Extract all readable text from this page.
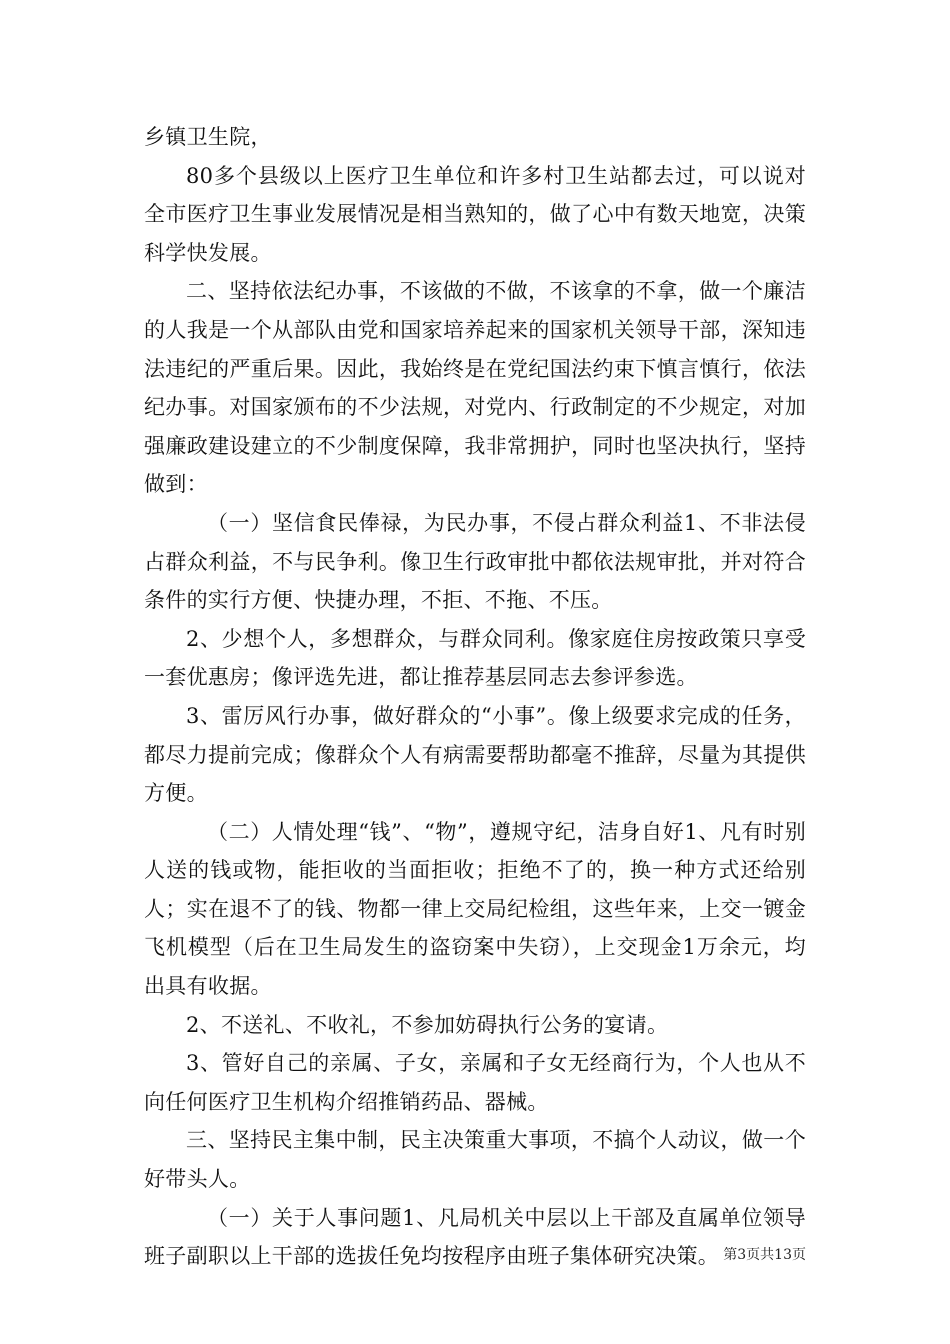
乡镇卫生院，

80多个县级以上医疗卫生单位和许多村卫生站都去过，可以说对全市医疗卫生事业发展情况是相当熟知的，做了心中有数天地宽，决策科学快发展。

二、坚持依法纪办事，不该做的不做，不该拿的不拿，做一个廉洁的人我是一个从部队由党和国家培养起来的国家机关领导干部，深知违法违纪的严重后果。因此，我始终是在党纪国法约束下慎言慎行，依法纪办事。对国家颁布的不少法规，对党内、行政制定的不少规定，对加强廉政建设建立的不少制度保障，我非常拥护，同时也坚决执行，坚持做到：

（一）坚信食民俸禄，为民办事，不侵占群众利益1、不非法侵占群众利益，不与民争利。像卫生行政审批中都依法规审批，并对符合条件的实行方便、快捷办理，不拒、不拖、不压。

2、少想个人，多想群众，与群众同利。像家庭住房按政策只享受一套优惠房；像评选先进，都让推荐基层同志去参评参选。

3、雷厉风行办事，做好群众的“小事”。像上级要求完成的任务，都尽力提前完成；像群众个人有病需要帮助都毫不推辞，尽量为其提供方便。

（二）人情处理“钱”、“物”，遵规守纪，洁身自好1、凡有时别人送的钱或物，能拒收的当面拒收；拒绝不了的，换一种方式还给别人；实在退不了的钱、物都一律上交局纪检组，这些年来，上交一镀金飞机模型（后在卫生局发生的盗窃案中失窃），上交现金1万余元，均出具有收据。

2、不送礼、不收礼，不参加妨碍执行公务的宴请。

3、管好自己的亲属、子女，亲属和子女无经商行为，个人也从不向任何医疗卫生机构介绍推销药品、器械。

三、坚持民主集中制，民主决策重大事项，不搞个人动议，做一个好带头人。

（一）关于人事问题1、凡局机关中层以上干部及直属单位领导班子副职以上干部的选拔任免均按程序由班子集体研究决策。 第3页共13页
